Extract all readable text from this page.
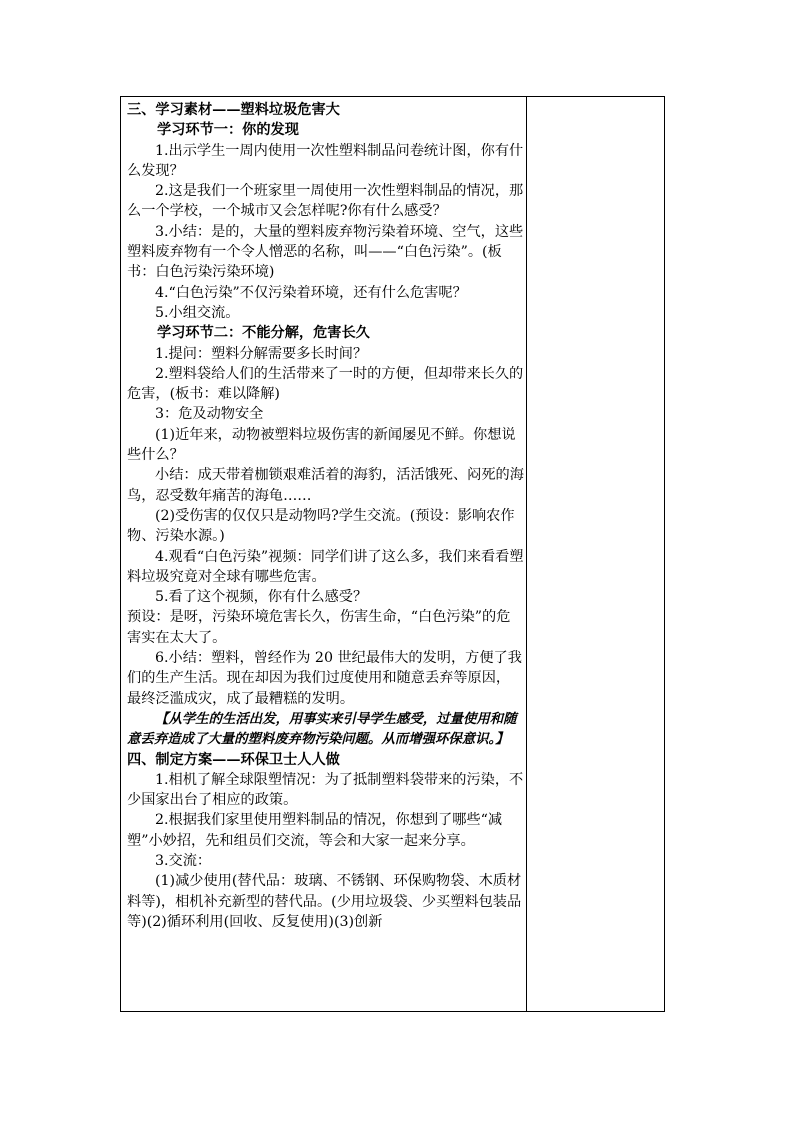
三、学习素材——塑料垃圾危害大

学习环节一：你的发现

1.出示学生一周内使用一次性塑料制品问卷统计图，你有什么发现？

2.这是我们一个班家里一周使用一次性塑料制品的情况，那么一个学校，一个城市又会怎样呢?你有什么感受？

3.小结：是的，大量的塑料废弃物污染着环境、空气，这些塑料废弃物有一个令人憎恶的名称，叫——“白色污染”。(板书：白色污染污染环境)

4.“白色污染”不仅污染着环境，还有什么危害呢？

5.小组交流。

学习环节二：不能分解，危害长久

1.提问：塑料分解需要多长时间？

2.塑料袋给人们的生活带来了一时的方便，但却带来长久的危害，(板书：难以降解)

3：危及动物安全

(1)近年来，动物被塑料垃圾伤害的新闻屡见不鲜。你想说些什么？

小结：成天带着枷锁艰难活着的海豹，活活饿死、闷死的海鸟，忍受数年痛苦的海龟……

(2)受伤害的仅仅只是动物吗?学生交流。(预设：影响农作物、污染水源。)

4.观看“白色污染”视频：同学们讲了这么多，我们来看看塑料垃圾究竟对全球有哪些危害。

5.看了这个视频，你有什么感受？

预设：是呀，污染环境危害长久，伤害生命，“白色污染”的危害实在太大了。

6.小结：塑料，曾经作为 20 世纪最伟大的发明，方便了我们的生产生活。现在却因为我们过度使用和随意丢弃等原因，最终泛滥成灾，成了最糟糕的发明。

【从学生的生活出发，用事实来引导学生感受，过量使用和随意丢弃造成了大量的塑料废弃物污染问题。从而增强环保意识。】

四、制定方案——环保卫士人人做

1.相机了解全球限塑情况：为了抵制塑料袋带来的污染，不少国家出台了相应的政策。

2.根据我们家里使用塑料制品的情况，你想到了哪些“减塑”小妙招，先和组员们交流，等会和大家一起来分享。

3.交流：

(1)减少使用(替代品：玻璃、不锈钢、环保购物袋、木质材料等)，相机补充新型的替代品。(少用垃圾袋、少买塑料包装品等)(2)循环利用(回收、反复使用)(3)创新
